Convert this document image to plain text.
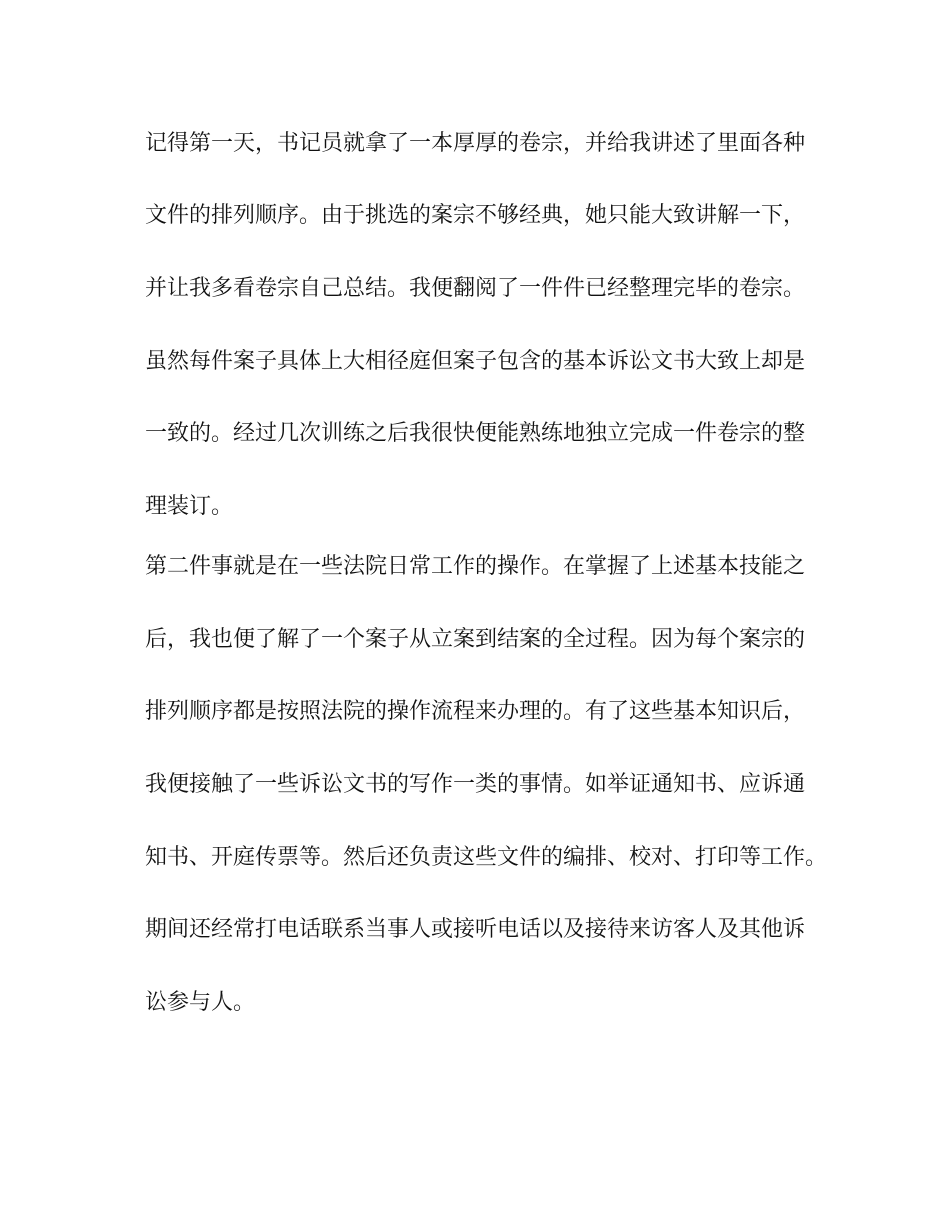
记得第一天，书记员就拿了一本厚厚的卷宗，并给我讲述了里面各种

文件的排列顺序。由于挑选的案宗不够经典，她只能大致讲解一下，

并让我多看卷宗自己总结。我便翻阅了一件件已经整理完毕的卷宗。

虽然每件案子具体上大相径庭但案子包含的基本诉讼文书大致上却是

一致的。经过几次训练之后我很快便能熟练地独立完成一件卷宗的整

理装订。

第二件事就是在一些法院日常工作的操作。在掌握了上述基本技能之

后，我也便了解了一个案子从立案到结案的全过程。因为每个案宗的

排列顺序都是按照法院的操作流程来办理的。有了这些基本知识后，

我便接触了一些诉讼文书的写作一类的事情。如举证通知书、应诉通

知书、开庭传票等。然后还负责这些文件的编排、校对、打印等工作。

期间还经常打电话联系当事人或接听电话以及接待来访客人及其他诉

讼参与人。
